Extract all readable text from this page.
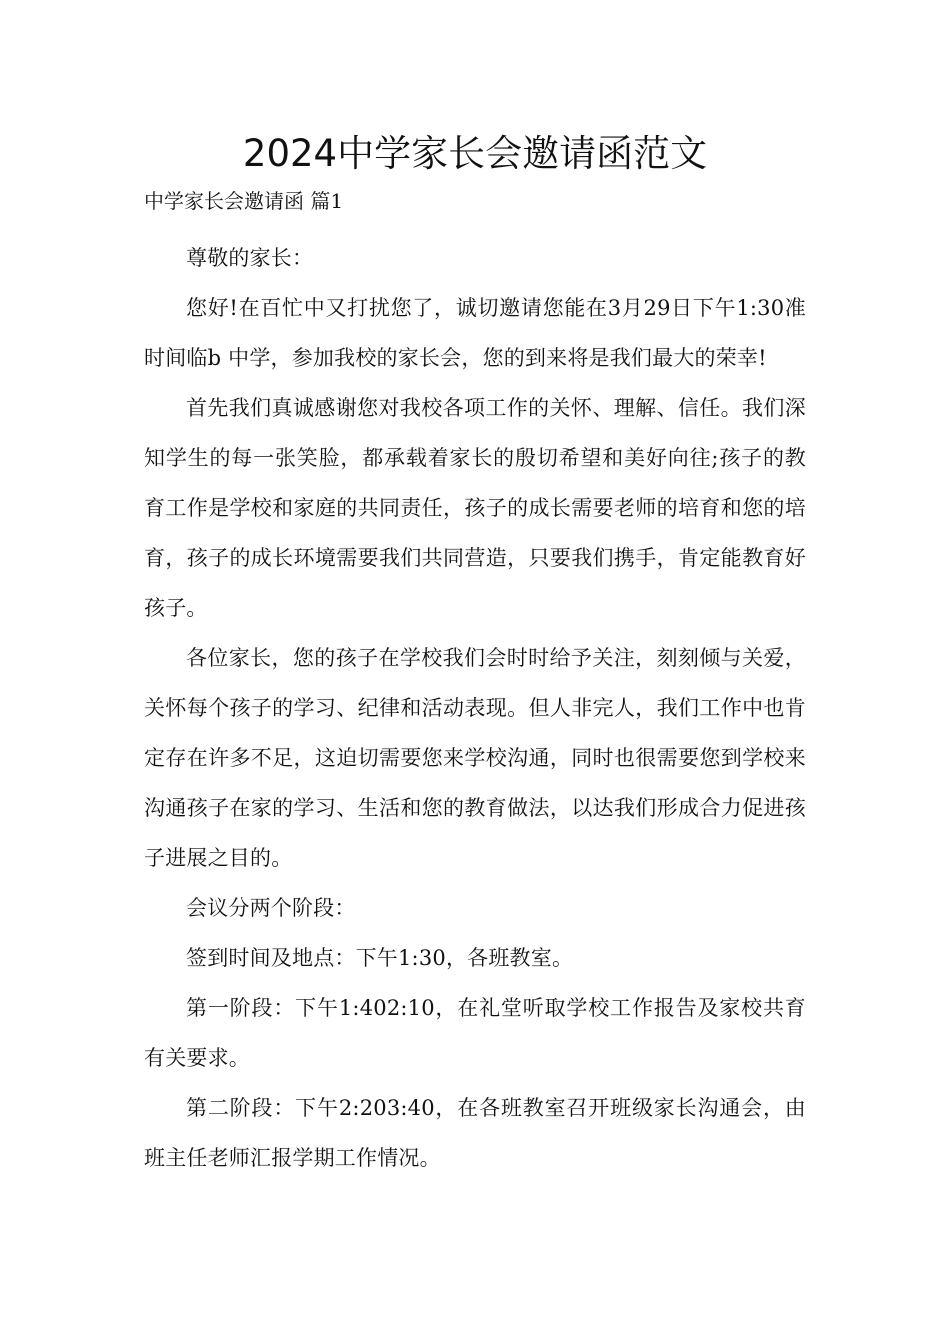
2024中学家长会邀请函范文

中学家长会邀请函 篇1

尊敬的家长：

您好!在百忙中又打扰您了，诚切邀请您能在3月29日下午1:30准时间临b 中学，参加我校的家长会，您的到来将是我们最大的荣幸!

首先我们真诚感谢您对我校各项工作的关怀、理解、信任。我们深知学生的每一张笑脸，都承载着家长的殷切希望和美好向往;孩子的教育工作是学校和家庭的共同责任，孩子的成长需要老师的培育和您的培育，孩子的成长环境需要我们共同营造，只要我们携手，肯定能教育好孩子。

各位家长，您的孩子在学校我们会时时给予关注，刻刻倾与关爱，关怀每个孩子的学习、纪律和活动表现。但人非完人，我们工作中也肯定存在许多不足，这迫切需要您来学校沟通，同时也很需要您到学校来沟通孩子在家的学习、生活和您的教育做法，以达我们形成合力促进孩子进展之目的。

会议分两个阶段：

签到时间及地点：下午1:30，各班教室。

第一阶段：下午1:402:10，在礼堂听取学校工作报告及家校共育有关要求。

第二阶段：下午2:203:40，在各班教室召开班级家长沟通会，由班主任老师汇报学期工作情况。
